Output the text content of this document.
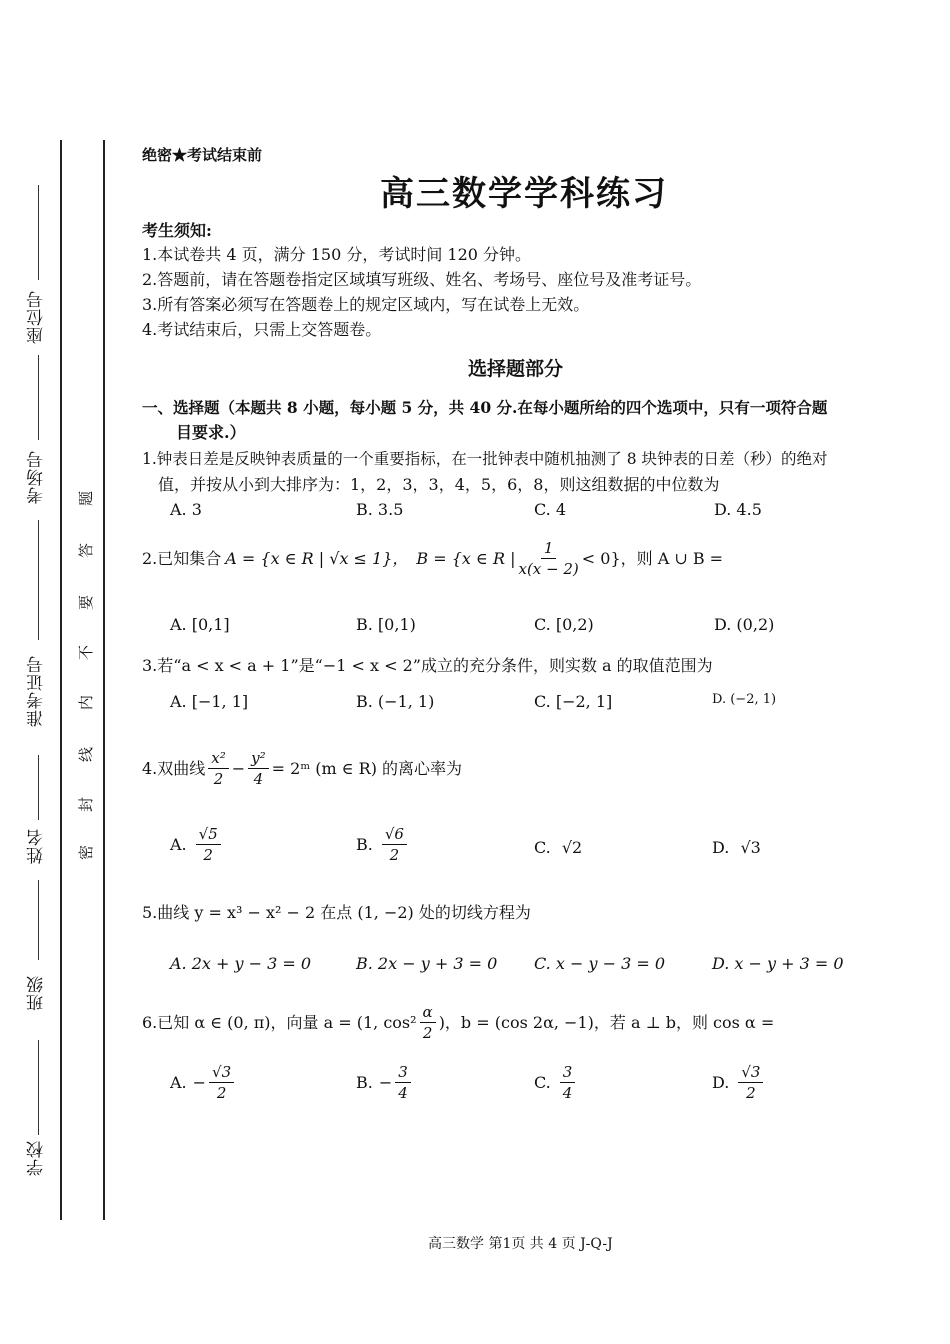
座位号
考场号
准考证号
姓名
班级
学校
题
答
要
不
内
线
封
密
绝密★考试结束前
高三数学学科练习
考生须知:
1.本试卷共 4 页，满分 150 分，考试时间 120 分钟。
2.答题前，请在答题卷指定区域填写班级、姓名、考场号、座位号及准考证号。
3.所有答案必须写在答题卷上的规定区域内，写在试卷上无效。
4.考试结束后，只需上交答题卷。
选择题部分
一、选择题（本题共 8 小题，每小题 5 分，共 40 分.在每小题所给的四个选项中，只有一项符合题
目要求.）
1.钟表日差是反映钟表质量的一个重要指标，在一批钟表中随机抽测了 8 块钟表的日差（秒）的绝对
值，并按从小到大排序为：1，2，3，3，4，5，6，8，则这组数据的中位数为
A. 3	B. 3.5	C. 4	D. 4.5
2.已知集合 A = {x ∈ R | √x ≤ 1}， B = {x ∈ R | $\frac{1}{x(x - 2)} < 0$}，则 A ∪ B =
A. [0,1]	B. [0,1)	C. [0,2)	D. (0,2)
3.若“a < x < a + 1”是“−1 < x < 2”成立的充分条件，则实数 a 的取值范围为
A. [−1, 1]	B. (−1, 1)	C. [−2, 1]	D. (−2, 1)
4.双曲线 $\frac{\text{x²}}{2} - \frac{\text{y²}}{4}$ = 2ᵐ (m ∈ R) 的离心率为
A. $\frac{√5}{2}$	B. $\frac{√6}{2}$	C. √2	D. √3
5.曲线 y = x³ − x² − 2 在点 (1, −2) 处的切线方程为
A. 2x + y − 3 = 0	B. 2x − y + 3 = 0 C. x − y − 3 = 0	D. x − y + 3 = 0
6.已知 α ∈ (0, π)，向量 a = (1, $\cos^2 \frac{\alpha}{2}$ )，b = (cos 2α, −1)，若 a ⊥ b，则 cos α =
A. − $\frac{√3}{2}$	B. − $\frac{3}{4}$	C. $\frac{3}{4}$	D. $\frac{√3}{2}$
高三数学 第1页 共 4 页 J-Q-J
